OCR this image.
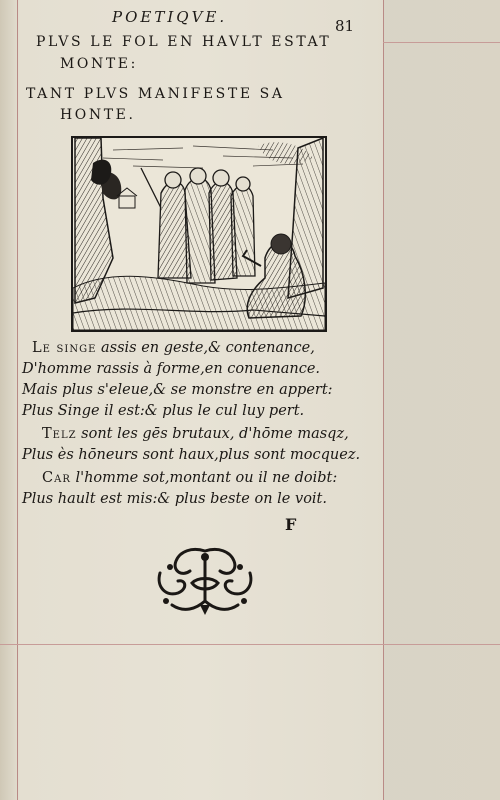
POETIQVE.	81
PLVS LE FOL EN HAVLT ESTAT
MONTE:
TANT PLVS MANIFESTE SA
HONTE.
Le singe assis en geste,& contenance,
D'homme rassis à forme,en conuenance.
Mais plus s'eleue,& se monstre en appert:
Plus Singe il est:& plus le cul luy pert.
Telz sont les gēs brutaux, d'hōme masqz,
Plus ès hōneurs sont haux,plus sont mocquez.
Car l'homme sot,montant ou il ne doibt:
Plus hault est mis:& plus beste on le voit.
F
